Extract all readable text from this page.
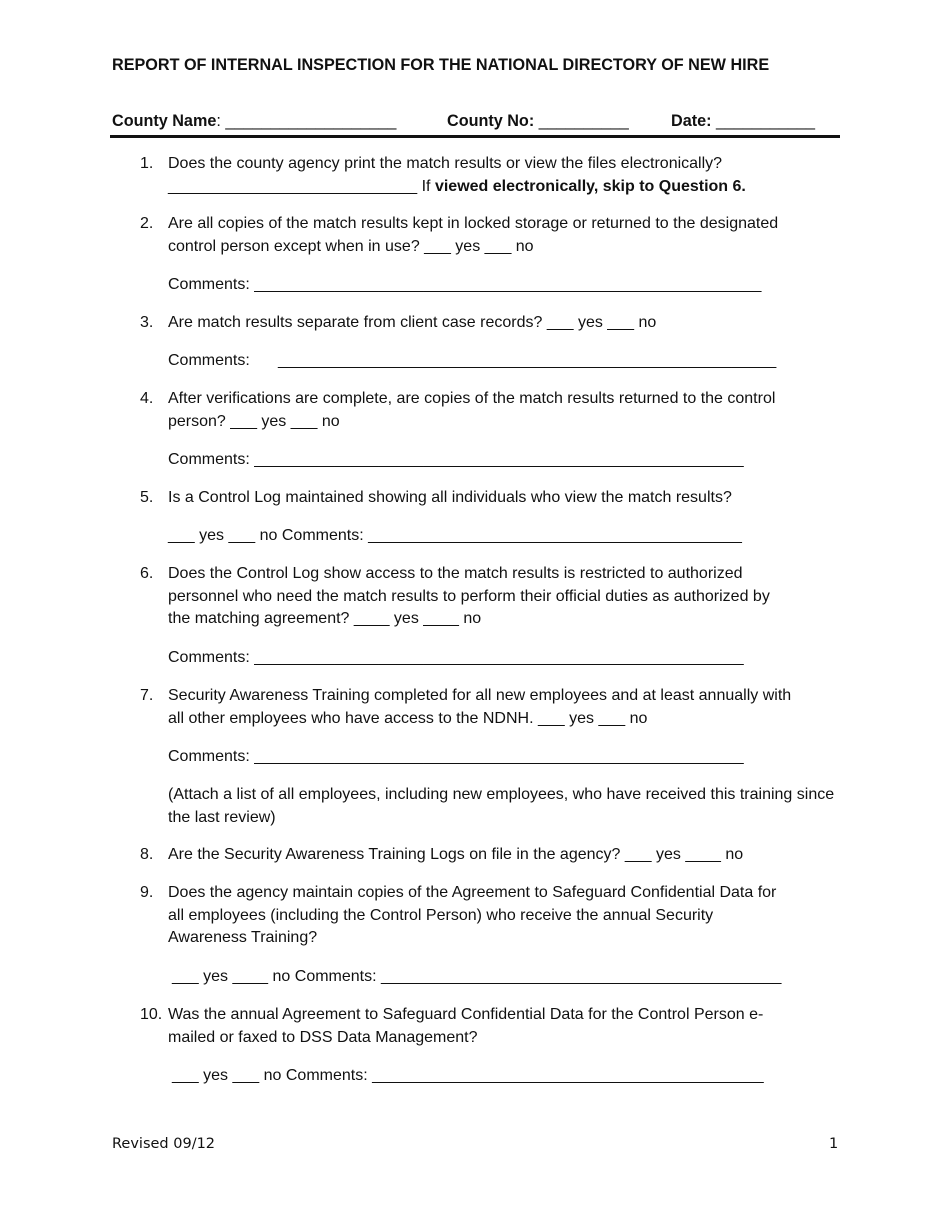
REPORT OF INTERNAL INSPECTION FOR THE NATIONAL DIRECTORY OF NEW HIRE
County Name: ___________________	County No: __________	Date: ___________
1. Does the county agency print the match results or view the files electronically?
____________________________ If viewed electronically, skip to Question 6.
2. Are all copies of the match results kept in locked storage or returned to the designated
control person except when in use? ___ yes ___ no
Comments: _________________________________________________________
3. Are match results separate from client case records? ___ yes ___ no
Comments: ________________________________________________________
4. After verifications are complete, are copies of the match results returned to the control
person? ___ yes ___ no
Comments: _______________________________________________________
5. Is a Control Log maintained showing all individuals who view the match results?
___ yes ___ no Comments: __________________________________________
6. Does the Control Log show access to the match results is restricted to authorized
personnel who need the match results to perform their official duties as authorized by
the matching agreement? ____ yes ____ no
Comments: _______________________________________________________
7. Security Awareness Training completed for all new employees and at least annually with
all other employees who have access to the NDNH. ___ yes ___ no
Comments: _______________________________________________________
(Attach a list of all employees, including new employees, who have received this training since the last review)
8. Are the Security Awareness Training Logs on file in the agency? ___ yes ____ no
9. Does the agency maintain copies of the Agreement to Safeguard Confidential Data for
all employees (including the Control Person) who receive the annual Security
Awareness Training?
___ yes ____ no Comments: _____________________________________________
10. Was the annual Agreement to Safeguard Confidential Data for the Control Person e-
mailed or faxed to DSS Data Management?
___ yes ___ no Comments: ____________________________________________
Revised 09/12	1
